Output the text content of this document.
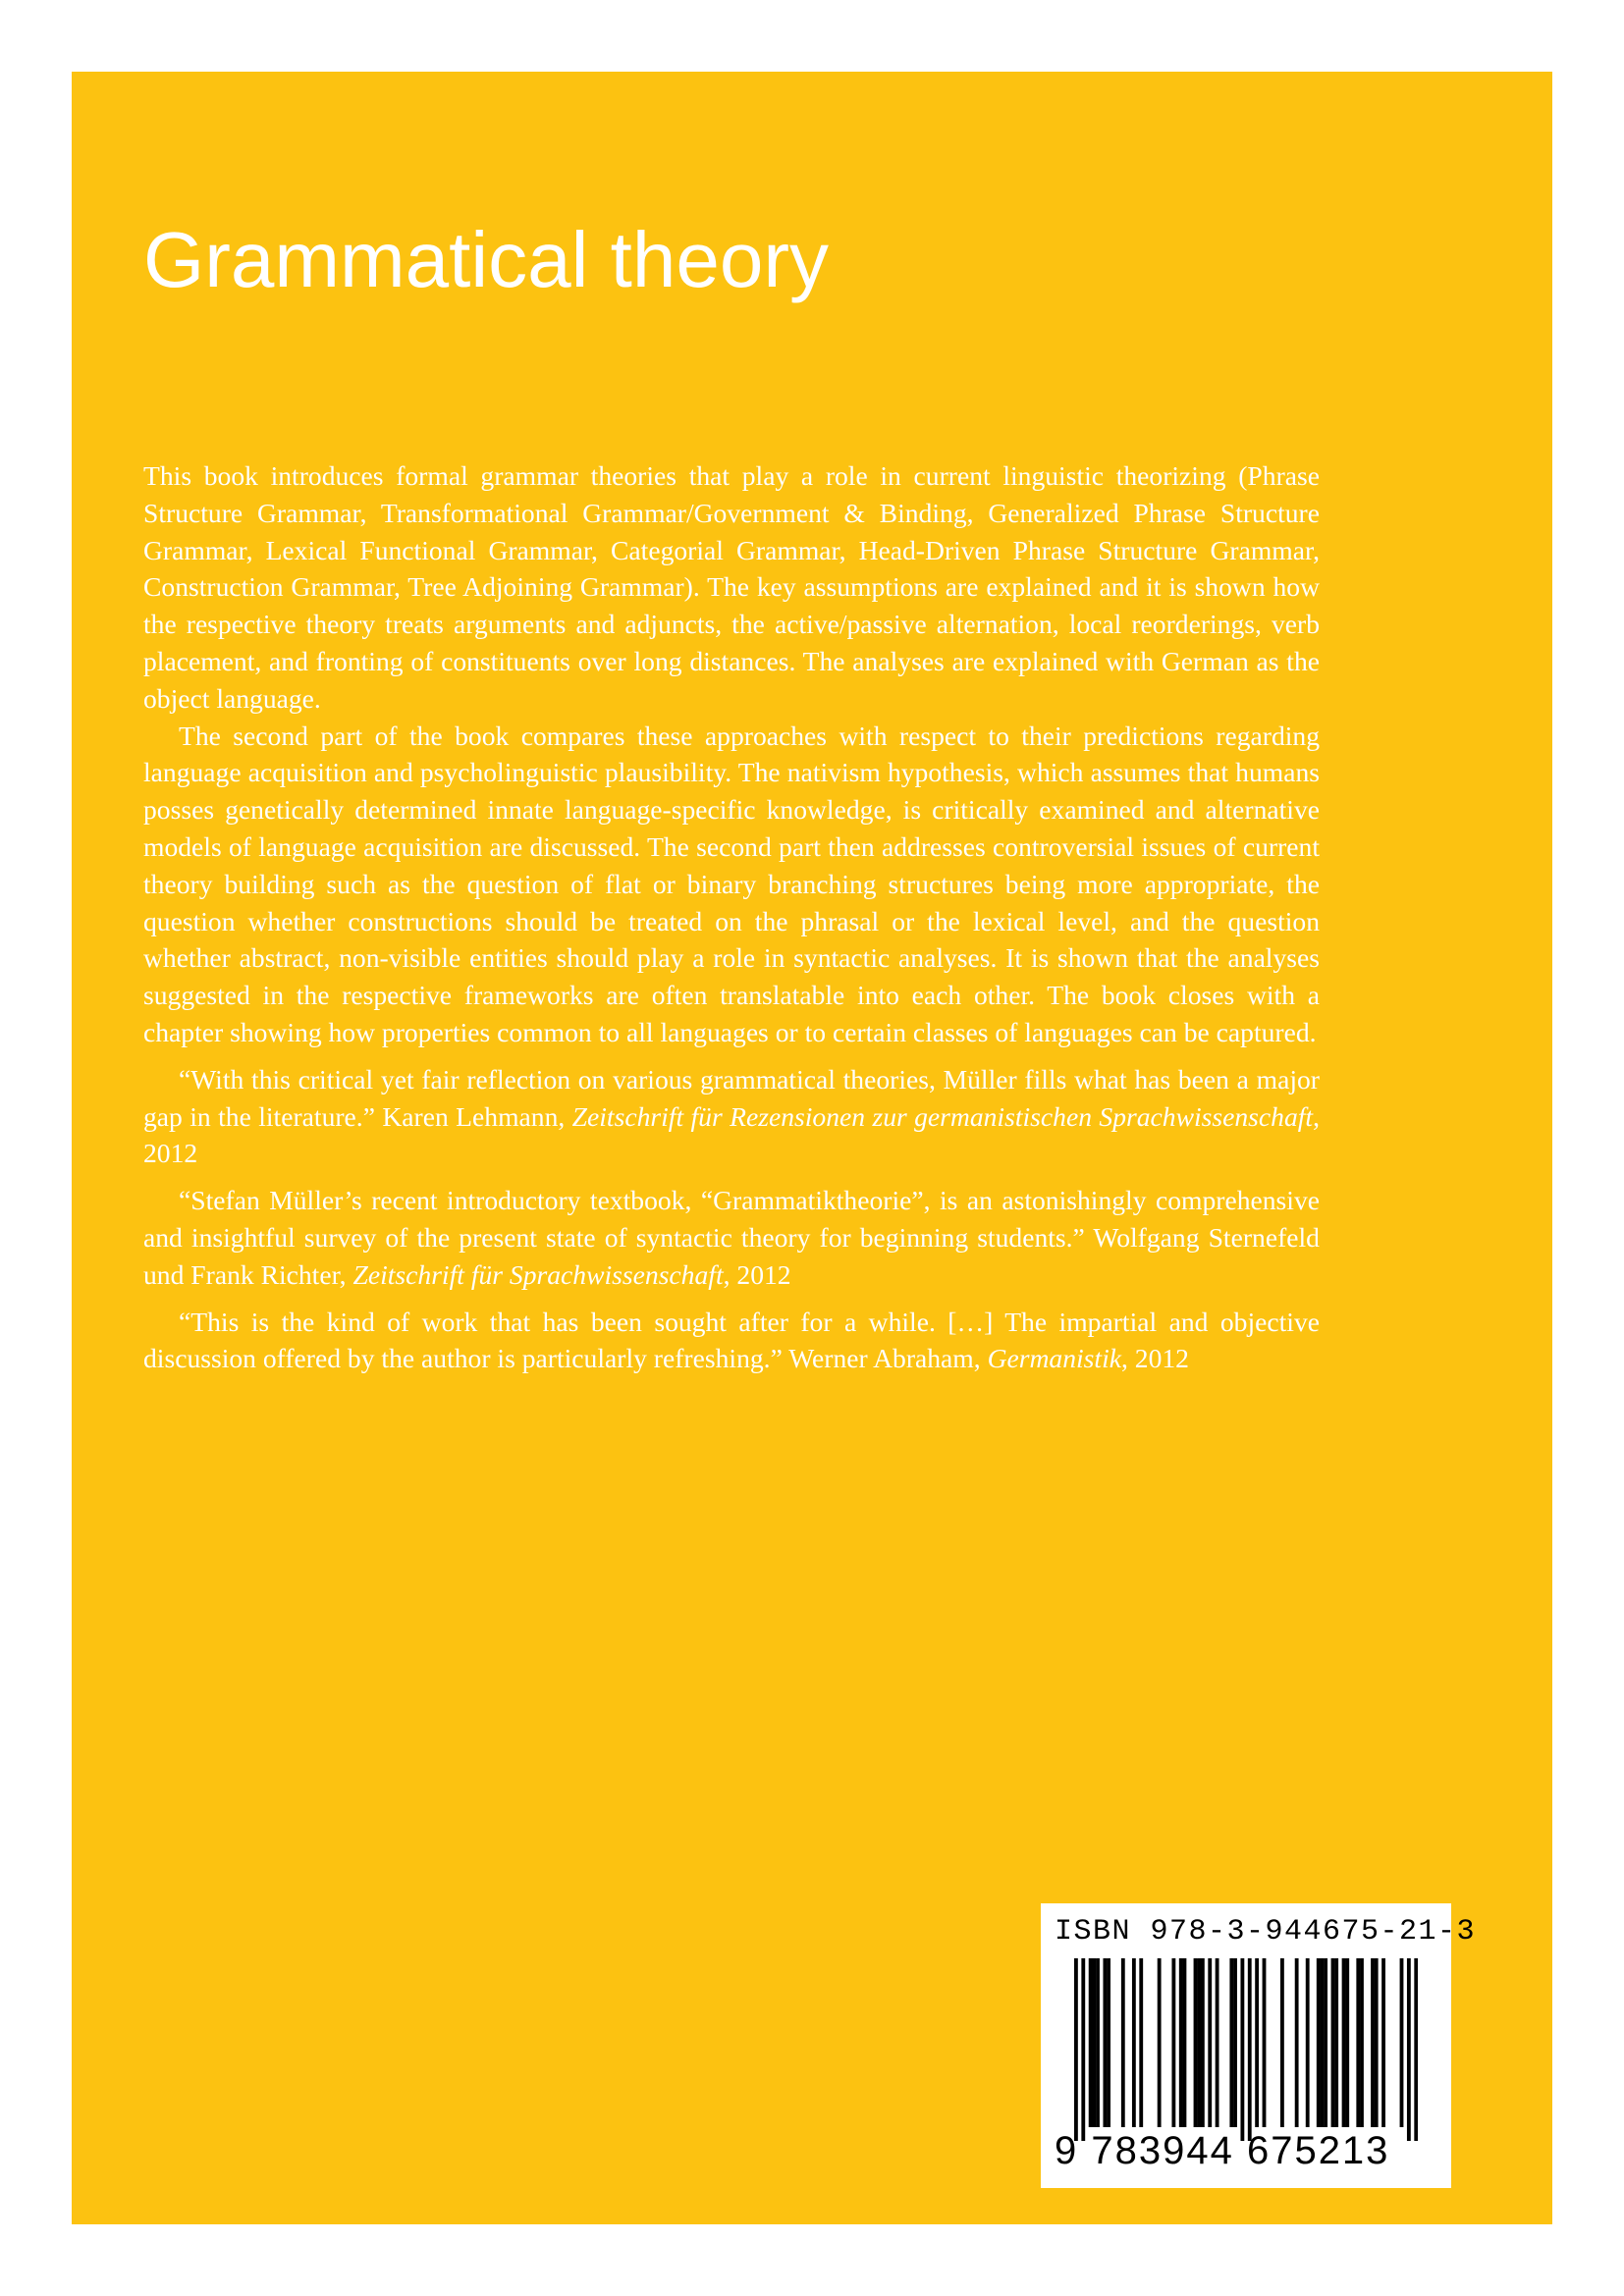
Grammatical theory

This book introduces formal grammar theories that play a role in current linguistic theorizing (Phrase Structure Grammar, Transformational Grammar/Government & Binding, Generalized Phrase Structure Grammar, Lexical Functional Grammar, Categorial Grammar, Head-Driven Phrase Structure Grammar, Construction Grammar, Tree Adjoining Grammar). The key assumptions are explained and it is shown how the respective theory treats arguments and adjuncts, the active/passive alternation, local reorderings, verb placement, and fronting of constituents over long distances. The analyses are explained with German as the object language.

The second part of the book compares these approaches with respect to their predictions regarding language acquisition and psycholinguistic plausibility. The nativism hypothesis, which assumes that humans posses genetically determined innate language-specific knowledge, is critically examined and alternative models of language acquisition are discussed. The second part then addresses controversial issues of current theory building such as the question of flat or binary branching structures being more appropriate, the question whether constructions should be treated on the phrasal or the lexical level, and the question whether abstract, non-visible entities should play a role in syntactic analyses. It is shown that the analyses suggested in the respective frameworks are often translatable into each other. The book closes with a chapter showing how properties common to all languages or to certain classes of languages can be captured.

“With this critical yet fair reflection on various grammatical theories, Müller fills what has been a major gap in the literature.” Karen Lehmann, Zeitschrift für Rezensionen zur germanistischen Sprachwissenschaft, 2012

“Stefan Müller’s recent introductory textbook, “Grammatiktheorie”, is an astonishingly comprehensive and insightful survey of the present state of syntactic theory for beginning students.” Wolfgang Sternefeld und Frank Richter, Zeitschrift für Sprachwissenschaft, 2012

“This is the kind of work that has been sought after for a while. […] The impartial and objective discussion offered by the author is particularly refreshing.” Werner Abraham, Germanistik, 2012

ISBN 978-3-944675-21-3
9 783944 675213
